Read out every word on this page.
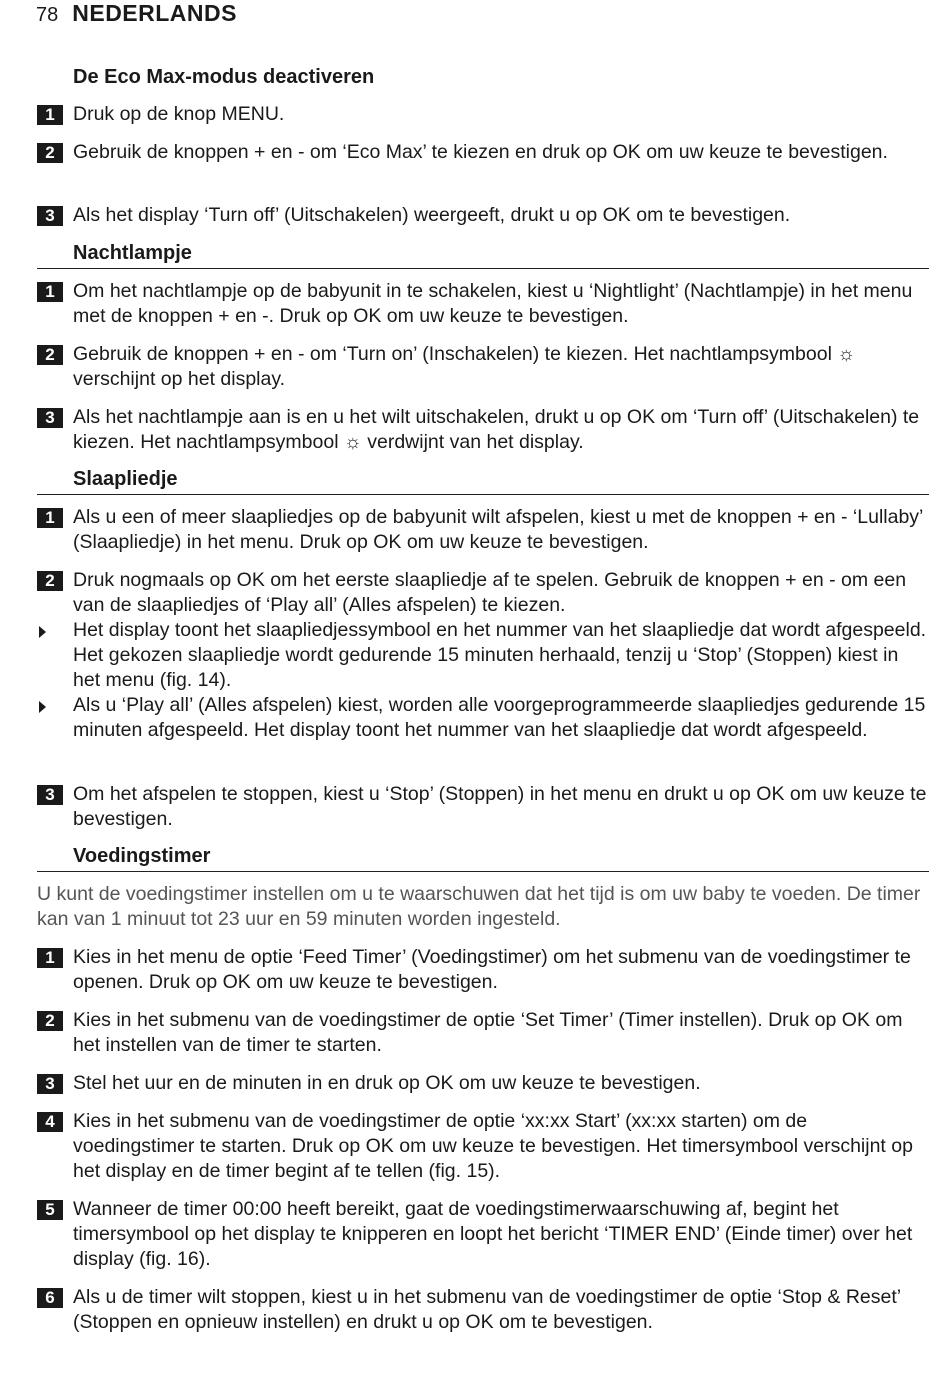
78 NEDERLANDS
De Eco Max-modus deactiveren
1 Druk op de knop MENU.
2 Gebruik de knoppen + en - om ‘Eco Max’ te kiezen en druk op OK om uw keuze te bevestigen.
3 Als het display ‘Turn off’ (Uitschakelen) weergeeft, drukt u op OK om te bevestigen.
Nachtlampje
1 Om het nachtlampje op de babyunit in te schakelen, kiest u ‘Nightlight’ (Nachtlampje) in het menu met de knoppen + en -. Druk op OK om uw keuze te bevestigen.
2 Gebruik de knoppen + en - om ‘Turn on’ (Inschakelen) te kiezen. Het nachtlampsymbool ☼ verschijnt op het display.
3 Als het nachtlampje aan is en u het wilt uitschakelen, drukt u op OK om ‘Turn off’ (Uitschakelen) te kiezen. Het nachtlampsymbool ☼ verdwijnt van het display.
Slaapliedje
1 Als u een of meer slaapliedjes op de babyunit wilt afspelen, kiest u met de knoppen + en - ‘Lullaby’ (Slaapliedje) in het menu. Druk op OK om uw keuze te bevestigen.
2 Druk nogmaals op OK om het eerste slaapliedje af te spelen. Gebruik de knoppen + en - om een van de slaapliedjes of ‘Play all’ (Alles afspelen) te kiezen.
Het display toont het slaapliedjessymbool en het nummer van het slaapliedje dat wordt afgespeeld. Het gekozen slaapliedje wordt gedurende 15 minuten herhaald, tenzij u ‘Stop’ (Stoppen) kiest in het menu (fig. 14).
Als u ‘Play all’ (Alles afspelen) kiest, worden alle voorgeprogrammeerde slaapliedjes gedurende 15 minuten afgespeeld. Het display toont het nummer van het slaapliedje dat wordt afgespeeld.
3 Om het afspelen te stoppen, kiest u ‘Stop’ (Stoppen) in het menu en drukt u op OK om uw keuze te bevestigen.
Voedingstimer
U kunt de voedingstimer instellen om u te waarschuwen dat het tijd is om uw baby te voeden. De timer kan van 1 minuut tot 23 uur en 59 minuten worden ingesteld.
1 Kies in het menu de optie ‘Feed Timer’ (Voedingstimer) om het submenu van de voedingstimer te openen. Druk op OK om uw keuze te bevestigen.
2 Kies in het submenu van de voedingstimer de optie ‘Set Timer’ (Timer instellen). Druk op OK om het instellen van de timer te starten.
3 Stel het uur en de minuten in en druk op OK om uw keuze te bevestigen.
4 Kies in het submenu van de voedingstimer de optie ‘xx:xx Start’ (xx:xx starten) om de voedingstimer te starten. Druk op OK om uw keuze te bevestigen. Het timersymbool verschijnt op het display en de timer begint af te tellen (fig. 15).
5 Wanneer de timer 00:00 heeft bereikt, gaat de voedingstimerwaarschuwing af, begint het timersymbool op het display te knipperen en loopt het bericht ‘TIMER END’ (Einde timer) over het display (fig. 16).
6 Als u de timer wilt stoppen, kiest u in het submenu van de voedingstimer de optie ‘Stop & Reset’ (Stoppen en opnieuw instellen) en drukt u op OK om te bevestigen.
